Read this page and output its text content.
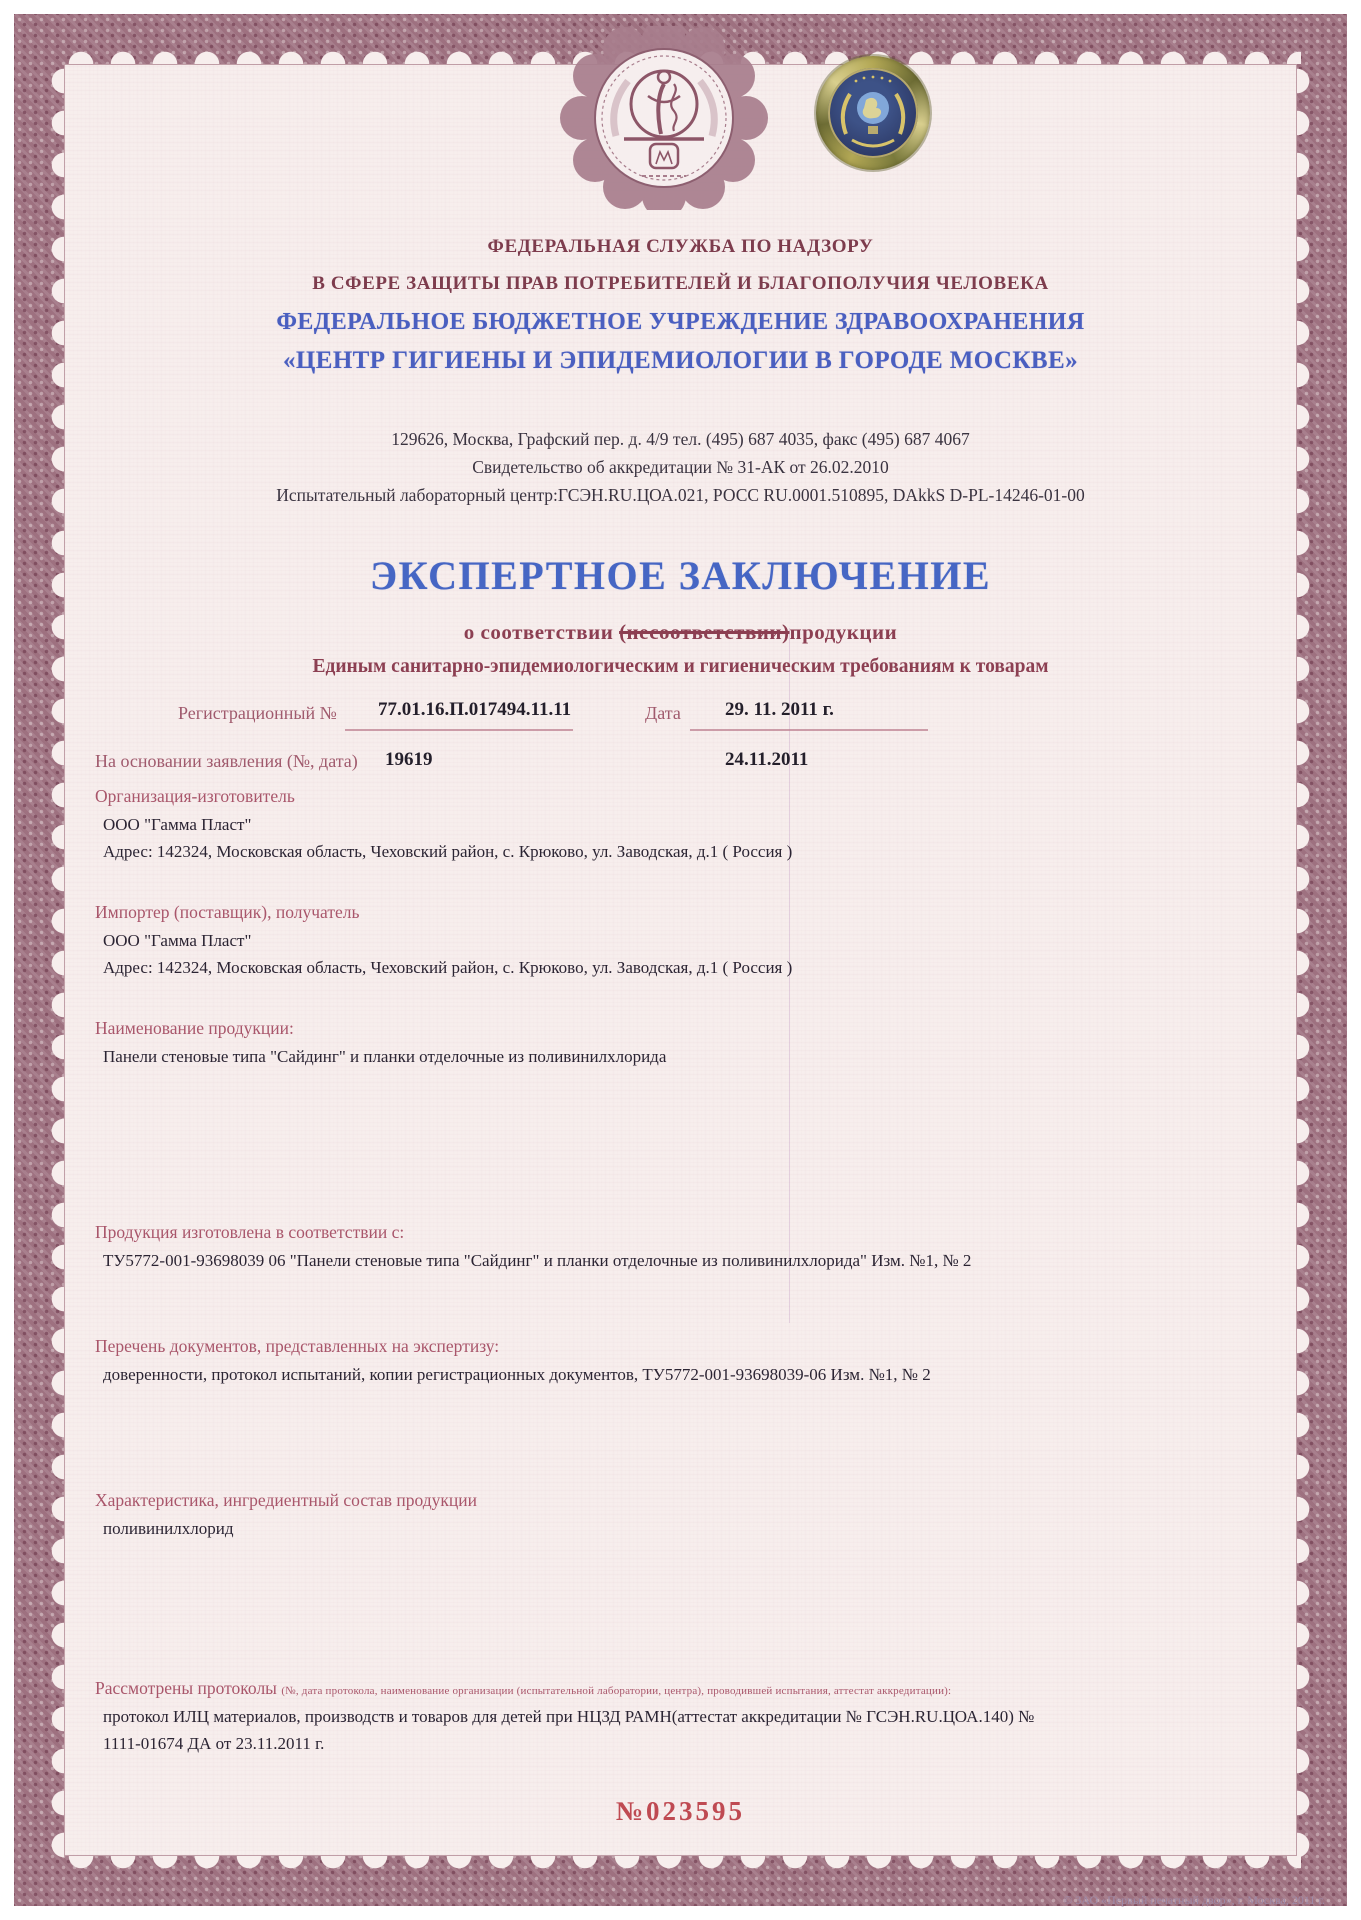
ФЕДЕРАЛЬНАЯ СЛУЖБА ПО НАДЗОРУ
В СФЕРЕ ЗАЩИТЫ ПРАВ ПОТРЕБИТЕЛЕЙ И БЛАГОПОЛУЧИЯ ЧЕЛОВЕКА
ФЕДЕРАЛЬНОЕ БЮДЖЕТНОЕ УЧРЕЖДЕНИЕ ЗДРАВООХРАНЕНИЯ
«ЦЕНТР ГИГИЕНЫ И ЭПИДЕМИОЛОГИИ В ГОРОДЕ МОСКВЕ»
129626, Москва, Графский пер. д. 4/9 тел. (495) 687 4035, факс (495) 687 4067
Свидетельство об аккредитации № 31-АК от 26.02.2010
Испытательный лабораторный центр:ГСЭН.RU.ЦОА.021, РОСС RU.0001.510895, DAkkS D-PL-14246-01-00
ЭКСПЕРТНОЕ ЗАКЛЮЧЕНИЕ
о соответствии (несоответствии)продукции
Единым санитарно-эпидемиологическим и гигиеническим требованиям к товарам
Регистрационный № 77.01.16.П.017494.11.11	Дата 29. 11. 2011 г.
На основании заявления (№, дата) 19619	24.11.2011
Организация-изготовитель
ООО "Гамма Пласт"
Адрес: 142324, Московская область, Чеховский район, с. Крюково, ул. Заводская, д.1 ( Россия )
Импортер (поставщик), получатель
ООО "Гамма Пласт"
Адрес: 142324, Московская область, Чеховский район, с. Крюково, ул. Заводская, д.1 ( Россия )
Наименование продукции:
Панели стеновые типа "Сайдинг" и планки отделочные из поливинилхлорида
Продукция изготовлена в соответствии с:
ТУ5772-001-93698039 06 "Панели стеновые типа "Сайдинг" и планки отделочные из поливинилхлорида" Изм. №1, № 2
Перечень документов, представленных на экспертизу:
доверенности, протокол испытаний, копии регистрационных документов, ТУ5772-001-93698039-06 Изм. №1, № 2
Характеристика, ингредиентный состав продукции
поливинилхлорид
Рассмотрены протоколы (№, дата протокола, наименование организации (испытательной лаборатории, центра), проводившей испытания, аттестат аккредитации):
протокол ИЛЦ материалов, производств и товаров для детей при НЦЗД РАМН(аттестат аккредитации № ГСЭН.RU.ЦОА.140) №
1111-01674 ДА от 23.11.2011 г.
№023595
© ЗАО «Первый печатный двор», г. Москва, 2011 г.
